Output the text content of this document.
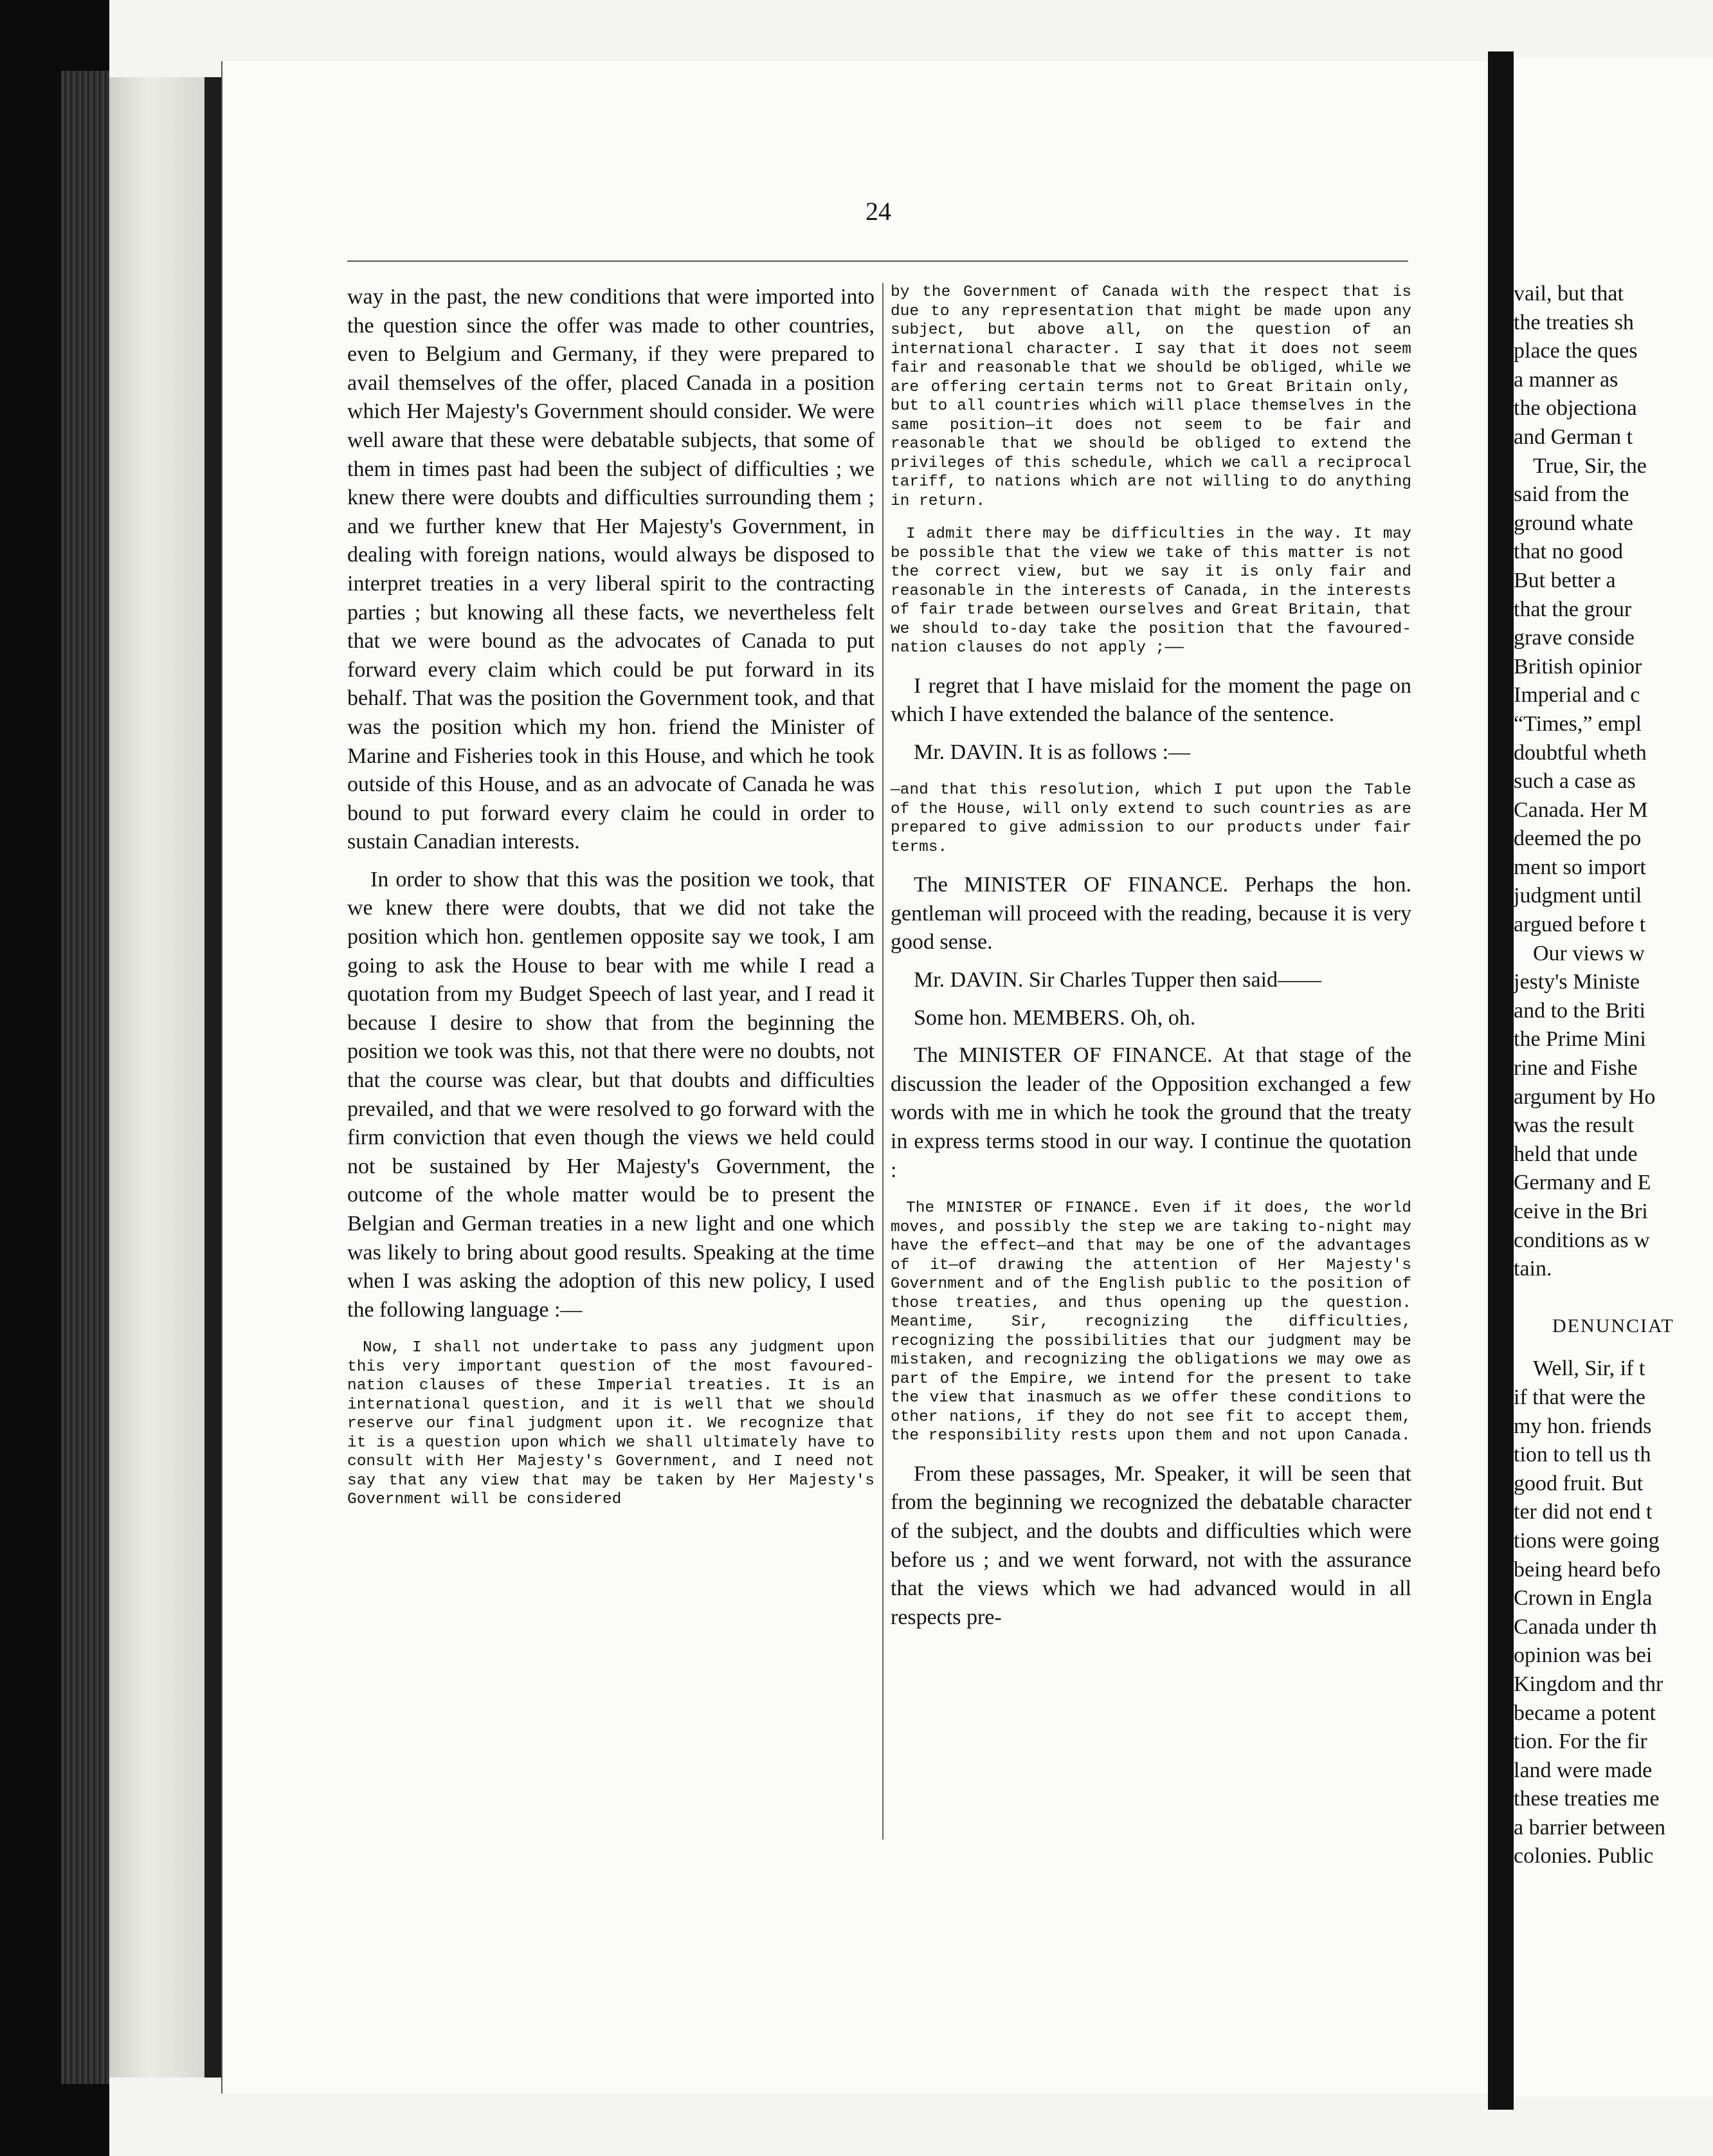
vail, but that
the treaties sh
place the ques
a manner as
the objectiona
and German t
True, Sir, the
said from the
ground whate
that no good
But better a
that the grour
grave conside
British opinior
Imperial and c
“Times,” empl
doubtful wheth
such a case as
Canada. Her M
deemed the po
ment so import
judgment until
argued before t
Our views w
jesty's Ministe
and to the Briti
the Prime Mini
rine and Fishe
argument by Ho
was the result
held that unde
Germany and E
ceive in the Bri
conditions as w
tain.
DENUNCIAT
Well, Sir, if t
if that were the
my hon. friends
tion to tell us th
good fruit. But
ter did not end t
tions were going
being heard befo
Crown in Engla
Canada under th
opinion was bei
Kingdom and thr
became a potent
tion. For the fir
land were made
these treaties me
a barrier between
colonies. Public
24

way in the past, the new conditions that were imported into the question since the offer was made to other countries, even to Belgium and Germany, if they were prepared to avail themselves of the offer, placed Canada in a position which Her Majesty's Government should consider. We were well aware that these were debatable subjects, that some of them in times past had been the subject of difficulties ; we knew there were doubts and difficulties surrounding them ; and we further knew that Her Majesty's Government, in dealing with foreign nations, would always be disposed to interpret treaties in a very liberal spirit to the contracting parties ; but knowing all these facts, we nevertheless felt that we were bound as the advocates of Canada to put forward every claim which could be put forward in its behalf. That was the position the Government took, and that was the position which my hon. friend the Minister of Marine and Fisheries took in this House, and which he took outside of this House, and as an advocate of Canada he was bound to put forward every claim he could in order to sustain Canadian interests.

In order to show that this was the position we took, that we knew there were doubts, that we did not take the position which hon. gentlemen opposite say we took, I am going to ask the House to bear with me while I read a quotation from my Budget Speech of last year, and I read it because I desire to show that from the beginning the position we took was this, not that there were no doubts, not that the course was clear, but that doubts and difficulties prevailed, and that we were resolved to go forward with the firm conviction that even though the views we held could not be sustained by Her Majesty's Government, the outcome of the whole matter would be to present the Belgian and German treaties in a new light and one which was likely to bring about good results. Speaking at the time when I was asking the adoption of this new policy, I used the following language :—

Now, I shall not undertake to pass any judgment upon this very important question of the most favoured-nation clauses of these Imperial treaties. It is an international question, and it is well that we should reserve our final judgment upon it. We recognize that it is a question upon which we shall ultimately have to consult with Her Majesty's Government, and I need not say that any view that may be taken by Her Majesty's Government will be considered

by the Government of Canada with the respect that is due to any representation that might be made upon any subject, but above all, on the question of an international character. I say that it does not seem fair and reasonable that we should be obliged, while we are offering certain terms not to Great Britain only, but to all countries which will place themselves in the same position—it does not seem to be fair and reasonable that we should be obliged to extend the privileges of this schedule, which we call a reciprocal tariff, to nations which are not willing to do anything in return.

I admit there may be difficulties in the way. It may be possible that the view we take of this matter is not the correct view, but we say it is only fair and reasonable in the interests of Canada, in the interests of fair trade between ourselves and Great Britain, that we should to-day take the position that the favoured-nation clauses do not apply ;——

I regret that I have mislaid for the moment the page on which I have extended the balance of the sentence.

Mr. DAVIN. It is as follows :—

—and that this resolution, which I put upon the Table of the House, will only extend to such countries as are prepared to give admission to our products under fair terms.

The MINISTER OF FINANCE. Perhaps the hon. gentleman will proceed with the reading, because it is very good sense.

Mr. DAVIN. Sir Charles Tupper then said——

Some hon. MEMBERS. Oh, oh.

The MINISTER OF FINANCE. At that stage of the discussion the leader of the Opposition exchanged a few words with me in which he took the ground that the treaty in express terms stood in our way. I continue the quotation :

The MINISTER OF FINANCE. Even if it does, the world moves, and possibly the step we are taking to-night may have the effect—and that may be one of the advantages of it—of drawing the attention of Her Majesty's Government and of the English public to the position of those treaties, and thus opening up the question. Meantime, Sir, recognizing the difficulties, recognizing the possibilities that our judgment may be mistaken, and recognizing the obligations we may owe as part of the Empire, we intend for the present to take the view that inasmuch as we offer these conditions to other nations, if they do not see fit to accept them, the responsibility rests upon them and not upon Canada.

From these passages, Mr. Speaker, it will be seen that from the beginning we recognized the debatable character of the subject, and the doubts and difficulties which were before us ; and we went forward, not with the assurance that the views which we had advanced would in all respects pre-
